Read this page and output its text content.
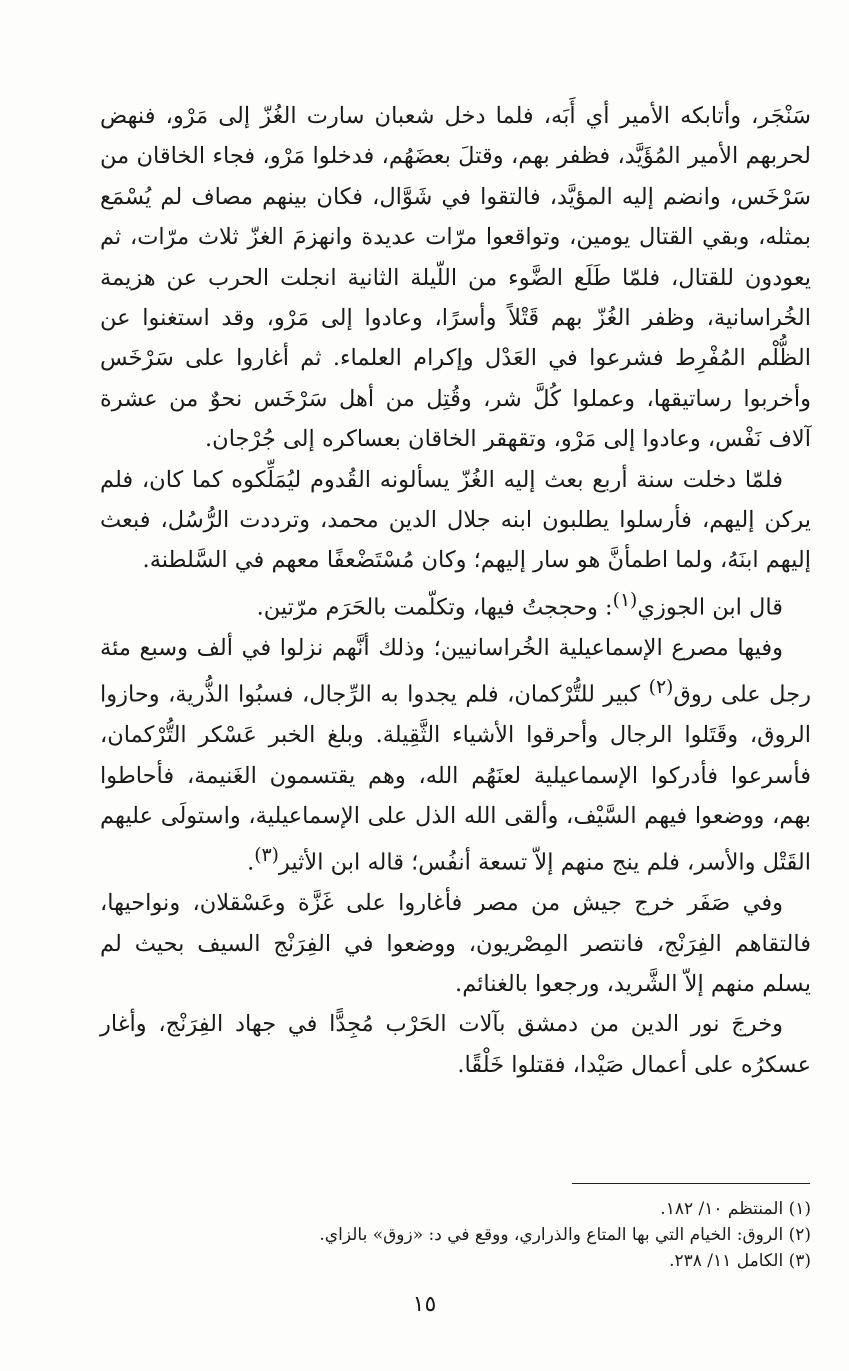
سَنْجَر، وأتابكه الأمير أي أَبَه، فلما دخل شعبان سارت الغُزّ إلى مَرْو، فنهض لحربهم الأمير المُؤَيَّد، فظفر بهم، وقتلَ بعضَهُم، فدخلوا مَرْو، فجاء الخاقان من سَرْخَس، وانضم إليه المؤيَّد، فالتقوا في شَوَّال، فكان بينهم مصاف لم يُسْمَع بمثله، وبقي القتال يومين، وتواقعوا مرّات عديدة وانهزمَ الغزّ ثلاث مرّات، ثم يعودون للقتال، فلمّا طَلَع الضَّوء من اللّيلة الثانية انجلت الحرب عن هزيمة الخُراسانية، وظفر الغُزّ بهم قَتْلاً وأسرًا، وعادوا إلى مَرْو، وقد استغنوا عن الظُّلْم المُفْرِط فشرعوا في العَدْل وإكرام العلماء. ثم أغاروا على سَرْخَس وأخربوا رساتيقها، وعملوا كُلَّ شر، وقُتِل من أهل سَرْخَس نحوٌ من عشرة آلاف نَفْس، وعادوا إلى مَرْو، وتقهقر الخاقان بعساكره إلى جُرْجان.

فلمّا دخلت سنة أربع بعث إليه الغُزّ يسألونه القُدوم ليُمَلِّكوه كما كان، فلم يركن إليهم، فأرسلوا يطلبون ابنه جلال الدين محمد، وترددت الرُّسُل، فبعث إليهم ابنَهُ، ولما اطمأنَّ هو سار إليهم؛ وكان مُسْتَضْعفًا معهم في السَّلطنة.

قال ابن الجوزي$^{(١)}$: وحججتُ فيها، وتكلّمت بالحَرَم مرّتين.

وفيها مصرع الإسماعيلية الخُراسانيين؛ وذلك أنَّهم نزلوا في ألف وسبع مئة رجل على روق$^{(٢)}$ كبير للتُّرْكمان، فلم يجدوا به الرِّجال، فسبُوا الذُّرية، وحازوا الروق، وقَتَلوا الرجال وأحرقوا الأشياء الثَّقِيلة. وبلغ الخبر عَسْكر التُّرْكمان، فأسرعوا فأدركوا الإسماعيلية لعنَهُم الله، وهم يقتسمون الغَنيمة، فأحاطوا بهم، ووضعوا فيهم السَّيْف، وألقى الله الذل على الإسماعيلية، واستولَى عليهم القَتْل والأسر، فلم ينج منهم إلاّ تسعة أنفُس؛ قاله ابن الأثير$^{(٣)}$.

وفي صَفَر خرج جيش من مصر فأغاروا على غَزَّة وعَسْقلان، ونواحيها، فالتقاهم الفِرَنْج، فانتصر المِصْريون، ووضعوا في الفِرَنْج السيف بحيث لم يسلم منهم إلاّ الشَّريد، ورجعوا بالغنائم.

وخرجَ نور الدين من دمشق بآلات الحَرْب مُجِدًّا في جهاد الفِرَنْج، وأغار عسكرُه على أعمال صَيْدا، فقتلوا خَلْقًا.

(١) المنتظم ١٠/ ١٨٢.
(٢) الروق: الخيام التي بها المتاع والذراري، ووقع في د: «زوق» بالزاي.
(٣) الكامل ١١/ ٢٣٨.
١٥
